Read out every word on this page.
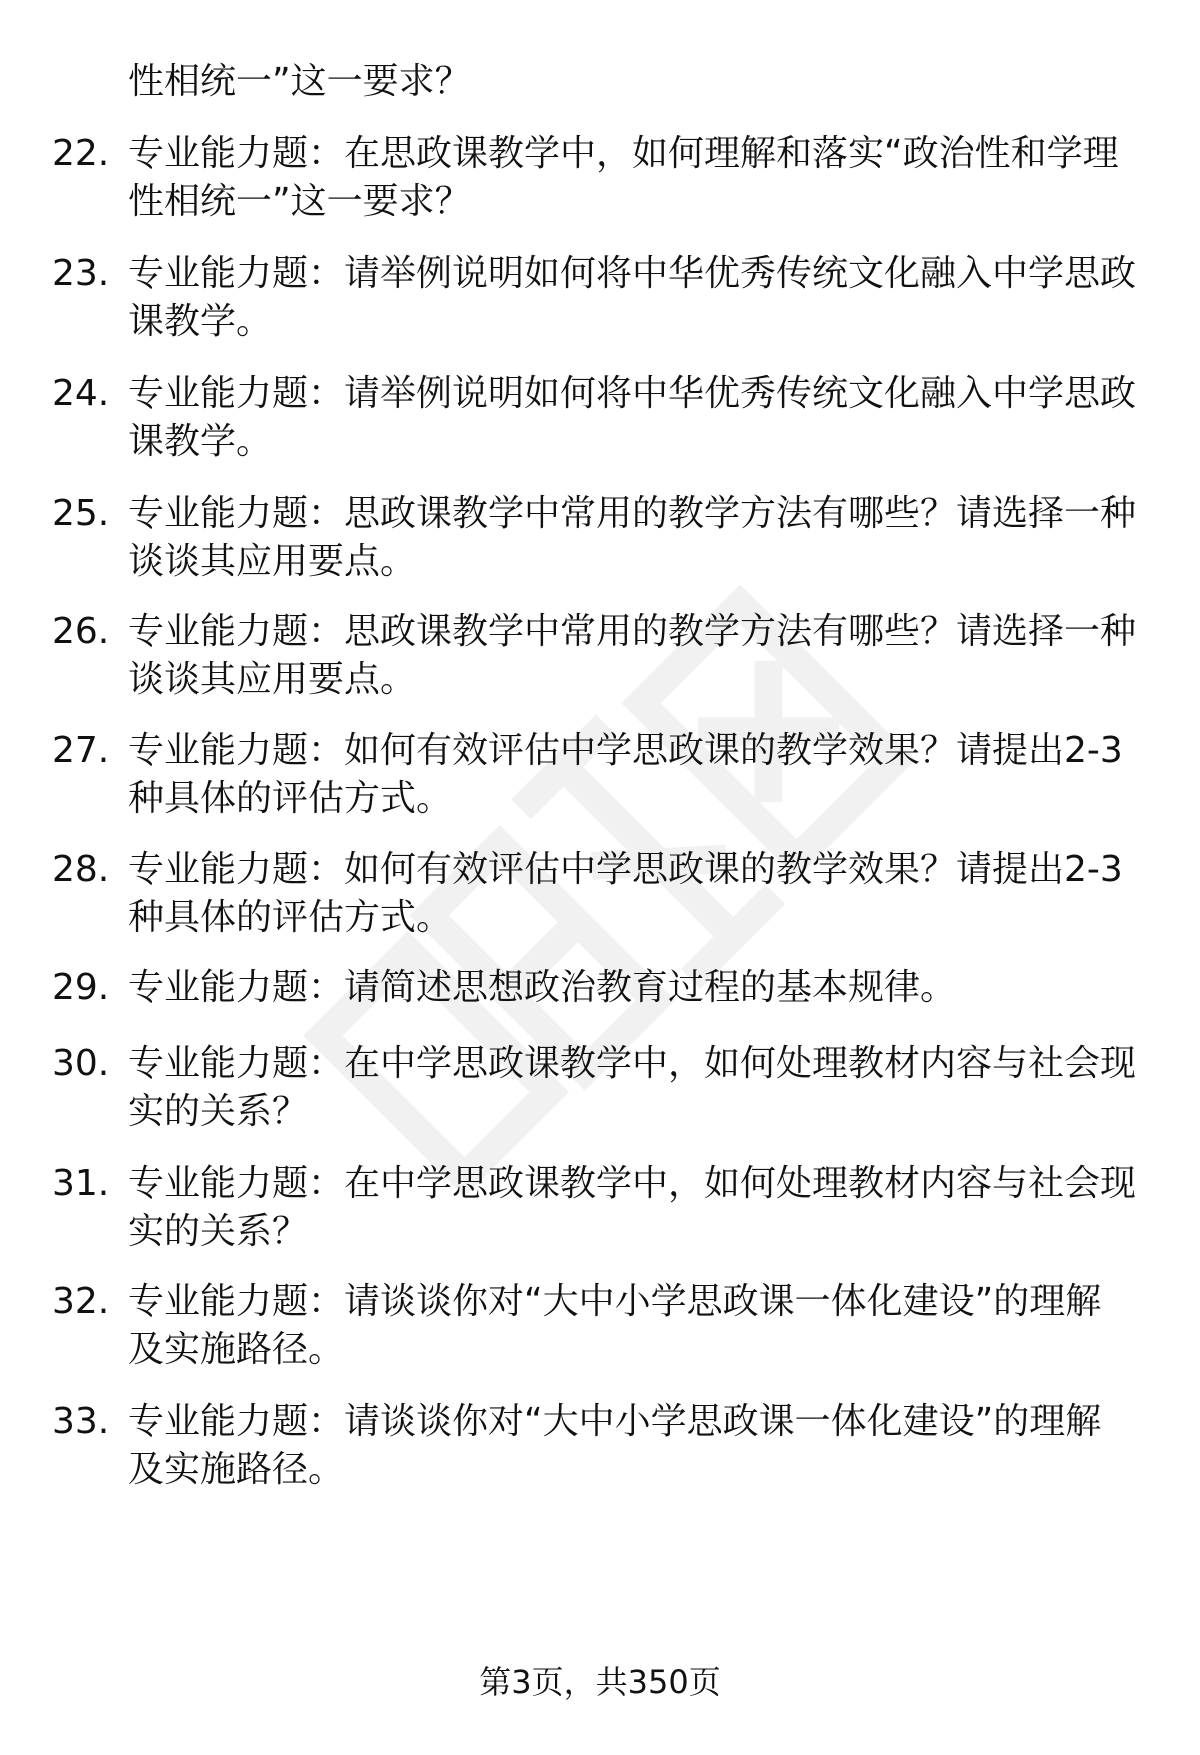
性相统一”这一要求？
22. 专业能力题：在思政课教学中，如何理解和落实“政治性和学理
性相统一”这一要求？
23. 专业能力题：请举例说明如何将中华优秀传统文化融入中学思政
课教学。
24. 专业能力题：请举例说明如何将中华优秀传统文化融入中学思政
课教学。
25. 专业能力题：思政课教学中常用的教学方法有哪些？请选择一种
谈谈其应用要点。
26. 专业能力题：思政课教学中常用的教学方法有哪些？请选择一种
谈谈其应用要点。
27. 专业能力题：如何有效评估中学思政课的教学效果？请提出2-3
种具体的评估方式。
28. 专业能力题：如何有效评估中学思政课的教学效果？请提出2-3
种具体的评估方式。
29. 专业能力题：请简述思想政治教育过程的基本规律。
30. 专业能力题：在中学思政课教学中，如何处理教材内容与社会现
实的关系？
31. 专业能力题：在中学思政课教学中，如何处理教材内容与社会现
实的关系？
32. 专业能力题：请谈谈你对“大中小学思政课一体化建设”的理解
及实施路径。
33. 专业能力题：请谈谈你对“大中小学思政课一体化建设”的理解
及实施路径。
第3页，共350页
